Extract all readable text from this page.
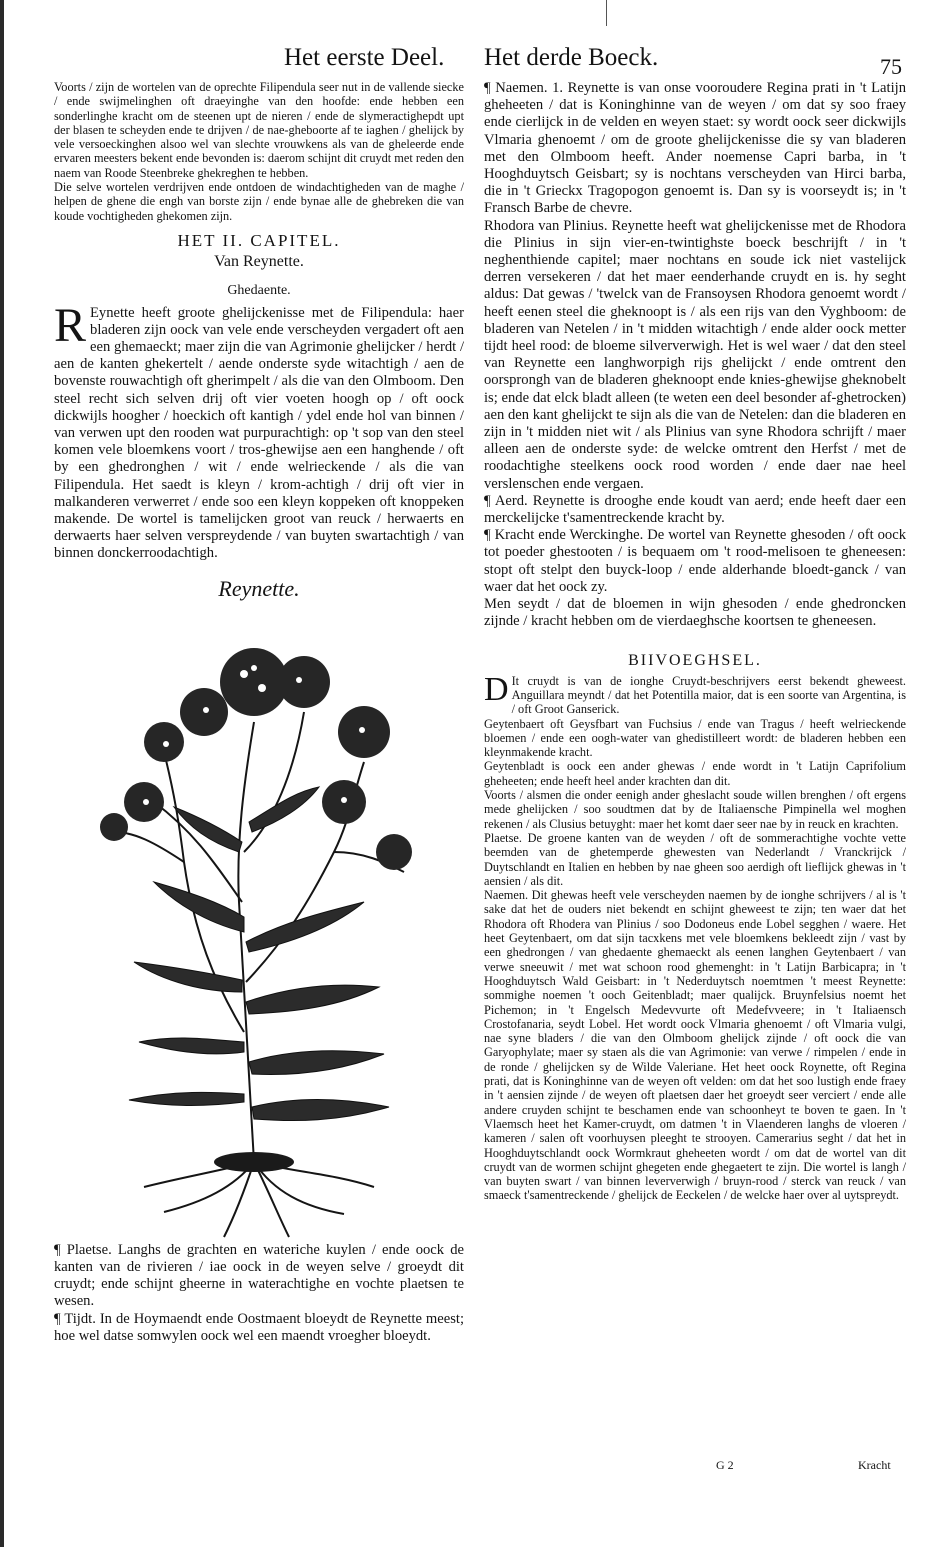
Het eerste Deel. Het derde Boeck.	75

Voorts / zijn de wortelen van de oprechte Filipendula seer nut in de vallende siecke / ende swijmelinghen oft draeyinghe van den hoofde: ende hebben een sonderlinghe kracht om de steenen upt de nieren / ende de slymeractighepdt upt der blasen te scheyden ende te drijven / de nae-gheboorte af te iaghen / ghelijck by vele versoeckinghen alsoo wel van slechte vrouwkens als van de gheleerde ende ervaren meesters bekent ende bevonden is: daerom schijnt dit cruydt met reden den naem van Roode Steenbreke ghekreghen te hebben.

Die selve wortelen verdrijven ende ontdoen de windachtigheden van de maghe / helpen de ghene die engh van borste zijn / ende bynae alle de ghebreken die van koude vochtigheden ghekomen zijn.

HET II. CAPITEL.
Van Reynette.
Ghedaente.

R Eynette heeft groote ghelijckenisse met de Filipendula: haer bladeren zijn oock van vele ende verscheyden vergadert oft aen een ghemaeckt; maer zijn die van Agrimonie ghelijcker / herdt / aen de kanten ghekertelt / aende onderste syde witachtigh / aen de bovenste rouwachtigh oft gherimpelt / als die van den Olmboom. Den steel recht sich selven drij oft vier voeten hoogh op / oft oock dickwijls hoogher / hoeckich oft kantigh / ydel ende hol van binnen / van verwen upt den rooden wat purpurachtigh: op 't sop van den steel komen vele bloemkens voort / tros-ghewijse aen een hanghende / oft by een ghedronghen / wit / ende welrieckende / als die van Filipendula. Het saedt is kleyn / krom-achtigh / drij oft vier in malkanderen verwerret / ende soo een kleyn koppeken oft knoppeken makende. De wortel is tamelijcken groot van reuck / herwaerts en derwaerts haer selven verspreydende / van buyten swartachtigh / van binnen donckerroodachtigh.

Reynette.

¶ Plaetse. Langhs de grachten en wateriche kuylen / ende oock de kanten van de rivieren / iae oock in de weyen selve / groeydt dit cruydt; ende schijnt gheerne in waterachtighe en vochte plaetsen te wesen.

¶ Tijdt. In de Hoymaendt ende Oostmaent bloeydt de Reynette meest; hoe wel datse somwylen oock wel een maendt vroegher bloeydt.

¶ Naemen. 1. Reynette is van onse vooroudere Regina prati in 't Latijn gheheeten / dat is Koninghinne van de weyen / om dat sy soo fraey ende cierlijck in de velden en weyen staet: sy wordt oock seer dickwijls Vlmaria ghenoemt / om de groote ghelijckenisse die sy van bladeren met den Olmboom heeft. Ander noemense Capri barba, in 't Hooghduytsch Geisbart; sy is nochtans verscheyden van Hirci barba, die in 't Grieckx Tragopogon genoemt is. Dan sy is voorseydt is; in 't Fransch Barbe de chevre.

Rhodora van Plinius. Reynette heeft wat ghelijckenisse met de Rhodora die Plinius in sijn vier-en-twintighste boeck beschrijft / in 't neghenthiende capitel; maer nochtans en soude ick niet vastelijck derren versekeren / dat het maer eenderhande cruydt en is. hy seght aldus: Dat gewas / 'twelck van de Fransoysen Rhodora genoemt wordt / heeft eenen steel die gheknoopt is / als een rijs van den Vyghboom: de bladeren van Netelen / in 't midden witachtigh / ende alder oock metter tijdt heel rood: de bloeme silververwigh. Het is wel waer / dat den steel van Reynette een langhworpigh rijs ghelijckt / ende omtrent den oorsprongh van de bladeren gheknoopt ende knies-ghewijse gheknobelt is; ende dat elck bladt alleen (te weten een deel besonder af-ghetrocken) aen den kant ghelijckt te sijn als die van de Netelen: dan die bladeren en zijn in 't midden niet wit / als Plinius van syne Rhodora schrijft / maer alleen aen de onderste syde: de welcke omtrent den Herfst / met de roodachtighe steelkens oock rood worden / ende daer nae heel verslenschen ende vergaen.

¶ Aerd. Reynette is drooghe ende koudt van aerd; ende heeft daer een merckelijcke t'samentreckende kracht by.

¶ Kracht ende Werckinghe. De wortel van Reynette ghesoden / oft oock tot poeder ghestooten / is bequaem om 't rood-melisoen te gheneesen: stopt oft stelpt den buyck-loop / ende alderhande bloedt-ganck / van waer dat het oock zy.

Men seydt / dat de bloemen in wijn ghesoden / ende ghedroncken zijnde / kracht hebben om de vierdaeghsche koortsen te gheneesen.

BIIVOEGHSEL.

D It cruydt is van de ionghe Cruydt-beschrijvers eerst bekendt gheweest. Anguillara meyndt / dat het Potentilla maior, dat is een soorte van Argentina, is / oft Groot Ganserick.

Geytenbaert oft Geysfbart van Fuchsius / ende van Tragus / heeft welrieckende bloemen / ende een oogh-water van ghedistilleert wordt: de bladeren hebben een kleynmakende kracht.

Geytenbladt is oock een ander ghewas / ende wordt in 't Latijn Caprifolium gheheeten; ende heeft heel ander krachten dan dit.

Voorts / alsmen die onder eenigh ander gheslacht soude willen brenghen / oft ergens mede ghelijcken / soo soudtmen dat by de Italiaensche Pimpinella wel moghen rekenen / als Clusius betuyght: maer het komt daer seer nae by in reuck en krachten.

Plaetse. De groene kanten van de weyden / oft de sommerachtighe vochte vette beemden van de ghetemperde ghewesten van Nederlandt / Vranckrijck / Duytschlandt en Italien en hebben by nae gheen soo aerdigh oft lieflijck ghewas in 't aensien / als dit.

Naemen. Dit ghewas heeft vele verscheyden naemen by de ionghe schrijvers / al is 't sake dat het de ouders niet bekendt en schijnt gheweest te zijn; ten waer dat het Rhodora oft Rhodera van Plinius / soo Dodoneus ende Lobel segghen / waere. Het heet Geytenbaert, om dat sijn tacxkens met vele bloemkens bekleedt zijn / vast by een ghedrongen / van ghedaente ghemaeckt als eenen langhen Geytenbaert / van verwe sneeuwit / met wat schoon rood ghemenght: in 't Latijn Barbicapra; in 't Hooghduytsch Wald Geisbart: in 't Nederduytsch noemtmen 't meest Reynette: sommighe noemen 't ooch Geitenbladt; maer qualijck. Bruynfelsius noemt het Pichemon; in 't Engelsch Medevvurte oft Medefvveere; in 't Italiaensch Crostofanaria, seydt Lobel. Het wordt oock Vlmaria ghenoemt / oft Vlmaria vulgi, nae syne bladers / die van den Olmboom ghelijck zijnde / oft oock die van Garyophylate; maer sy staen als die van Agrimonie: van verwe / rimpelen / ende in de ronde / ghelijcken sy de Wilde Valeriane. Het heet oock Roynette, oft Regina prati, dat is Koninghinne van de weyen oft velden: om dat het soo lustigh ende fraey in 't aensien zijnde / de weyen oft plaetsen daer het groeydt seer verciert / ende alle andere cruyden schijnt te beschamen ende van schoonheyt te boven te gaen. In 't Vlaemsch heet het Kamer-cruydt, om datmen 't in Vlaenderen langhs de vloeren / kameren / salen oft voorhuysen pleeght te strooyen. Camerarius seght / dat het in Hooghduytschlandt oock Wormkraut gheheeten wordt / om dat de wortel van dit cruydt van de wormen schijnt ghegeten ende ghegaetert te zijn. Die wortel is langh / van buyten swart / van binnen leververwigh / bruyn-rood / sterck van reuck / van smaeck t'samentreckende / ghelijck de Eeckelen / de welcke haer over al uytspreydt.

G 2	Kracht
